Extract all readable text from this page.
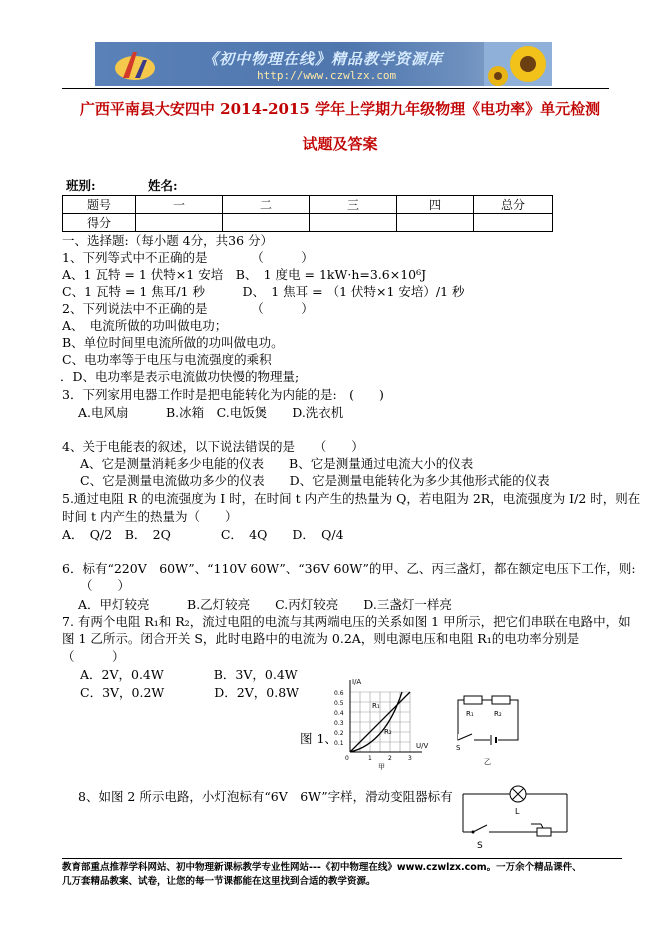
《初中物理在线》精品教学资源库
http://www.czwlzx.com
广西平南县大安四中 2014-2015 学年上学期九年级物理《电功率》单元检测
试题及答案
班别:	姓名:
题号	一	二	三	四	总分
得分					
一、选择题:（每小题 4分，共36 分）
1、下列等式中不正确的是　　　　（　　　）
A、1 瓦特 = 1 伏特×1 安培　B、　1 度电 = 1kW·h=3.6×10⁶J
C、1 瓦特 = 1 焦耳/1 秒　　　D、　1 焦耳 = （1 伏特×1 安培）/1 秒
2、下列说法中不正确的是　　　　（　　　）
A、　电流所做的功叫做电功；
B、单位时间里电流所做的功叫做电功。
C、电功率等于电压与电流强度的乘积
．D、电功率是表示电流做功快慢的物理量;
3．下列家用电器工作时是把电能转化为内能的是:　(　　)
A.电风扇　　　B.冰箱　C.电饭煲　　D.洗衣机
4、关于电能表的叙述，以下说法错误的是　　（　　）
A、它是测量消耗多少电能的仪表　　B、它是测量通过电流大小的仪表
C、它是测量电流做功多少的仪表　　D、它是测量电能转化为多少其他形式能的仪表
5.通过电阻 R 的电流强度为 I 时，在时间 t 内产生的热量为 Q，若电阻为 2R，电流强度为 I/2 时，则在
时间 t 内产生的热量为（　　）
A．　Q/2　B．　2Q　　　　C．　4Q　　D．　Q/4
6．标有“220V　60W”、“110V 60W”、“36V 60W”的甲、乙、丙三盏灯，都在额定电压下工作，则:
（　　）
A．甲灯较亮　　　B.乙灯较亮　　C.丙灯较亮　　D.三盏灯一样亮
7. 有两个电阻 R₁和 R₂，流过电阻的电流与其两端电压的关系如图 1 甲所示，把它们串联在电路中，如
图 1 乙所示。闭合开关 S，此时电路中的电流为 0.2A，则电源电压和电阻 R₁的电功率分别是
（　　　）
A．2V，0.4W　　　　B．3V，0.4W
C．3V，0.2W　　　　D．2V，0.8W
图 1、
I/A
U/V
0.6
0.5
0.4
0.3
0.2
0.1
0	1	2	3
R₁
R₂
甲
R₁	R₂
S
乙
8、如图 2 所示电路，小灯泡标有“6V　6W”字样，滑动变阻器标有
L
S
教育部重点推荐学科网站、初中物理新课标教学专业性网站---《初中物理在线》www.czwlzx.com。一万余个精品课件、
几万套精品教案、试卷，让您的每一节课都能在这里找到合适的教学资源。
